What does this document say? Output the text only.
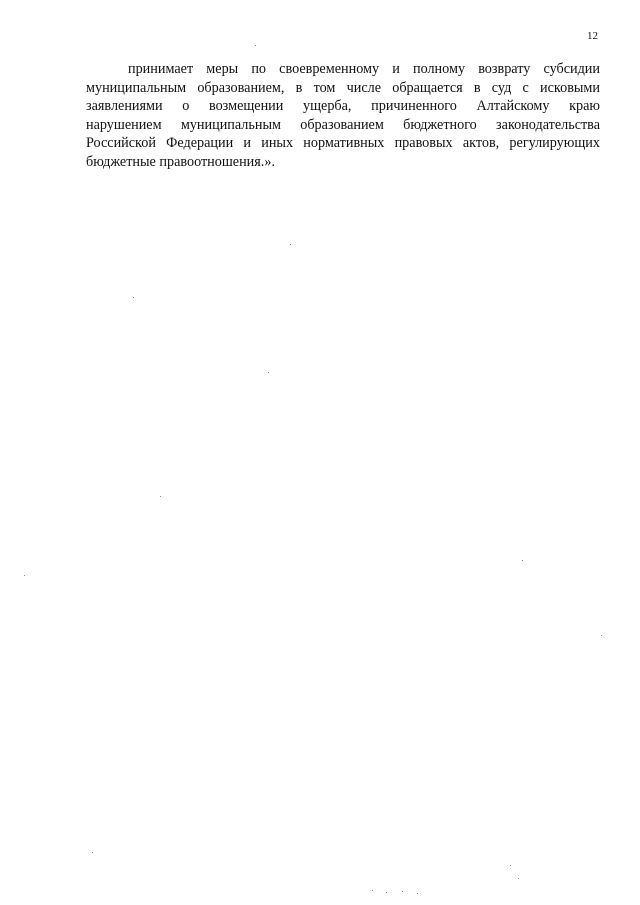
12
принимает меры по своевременному и полному возврату субсидии
муниципальным образованием, в том числе обращается в суд с исковыми
заявлениями о возмещении ущерба, причиненного Алтайскому краю
нарушением муниципальным образованием бюджетного законодательства
Российской Федерации и иных нормативных правовых актов, регулирующих
бюджетные правоотношения.».
